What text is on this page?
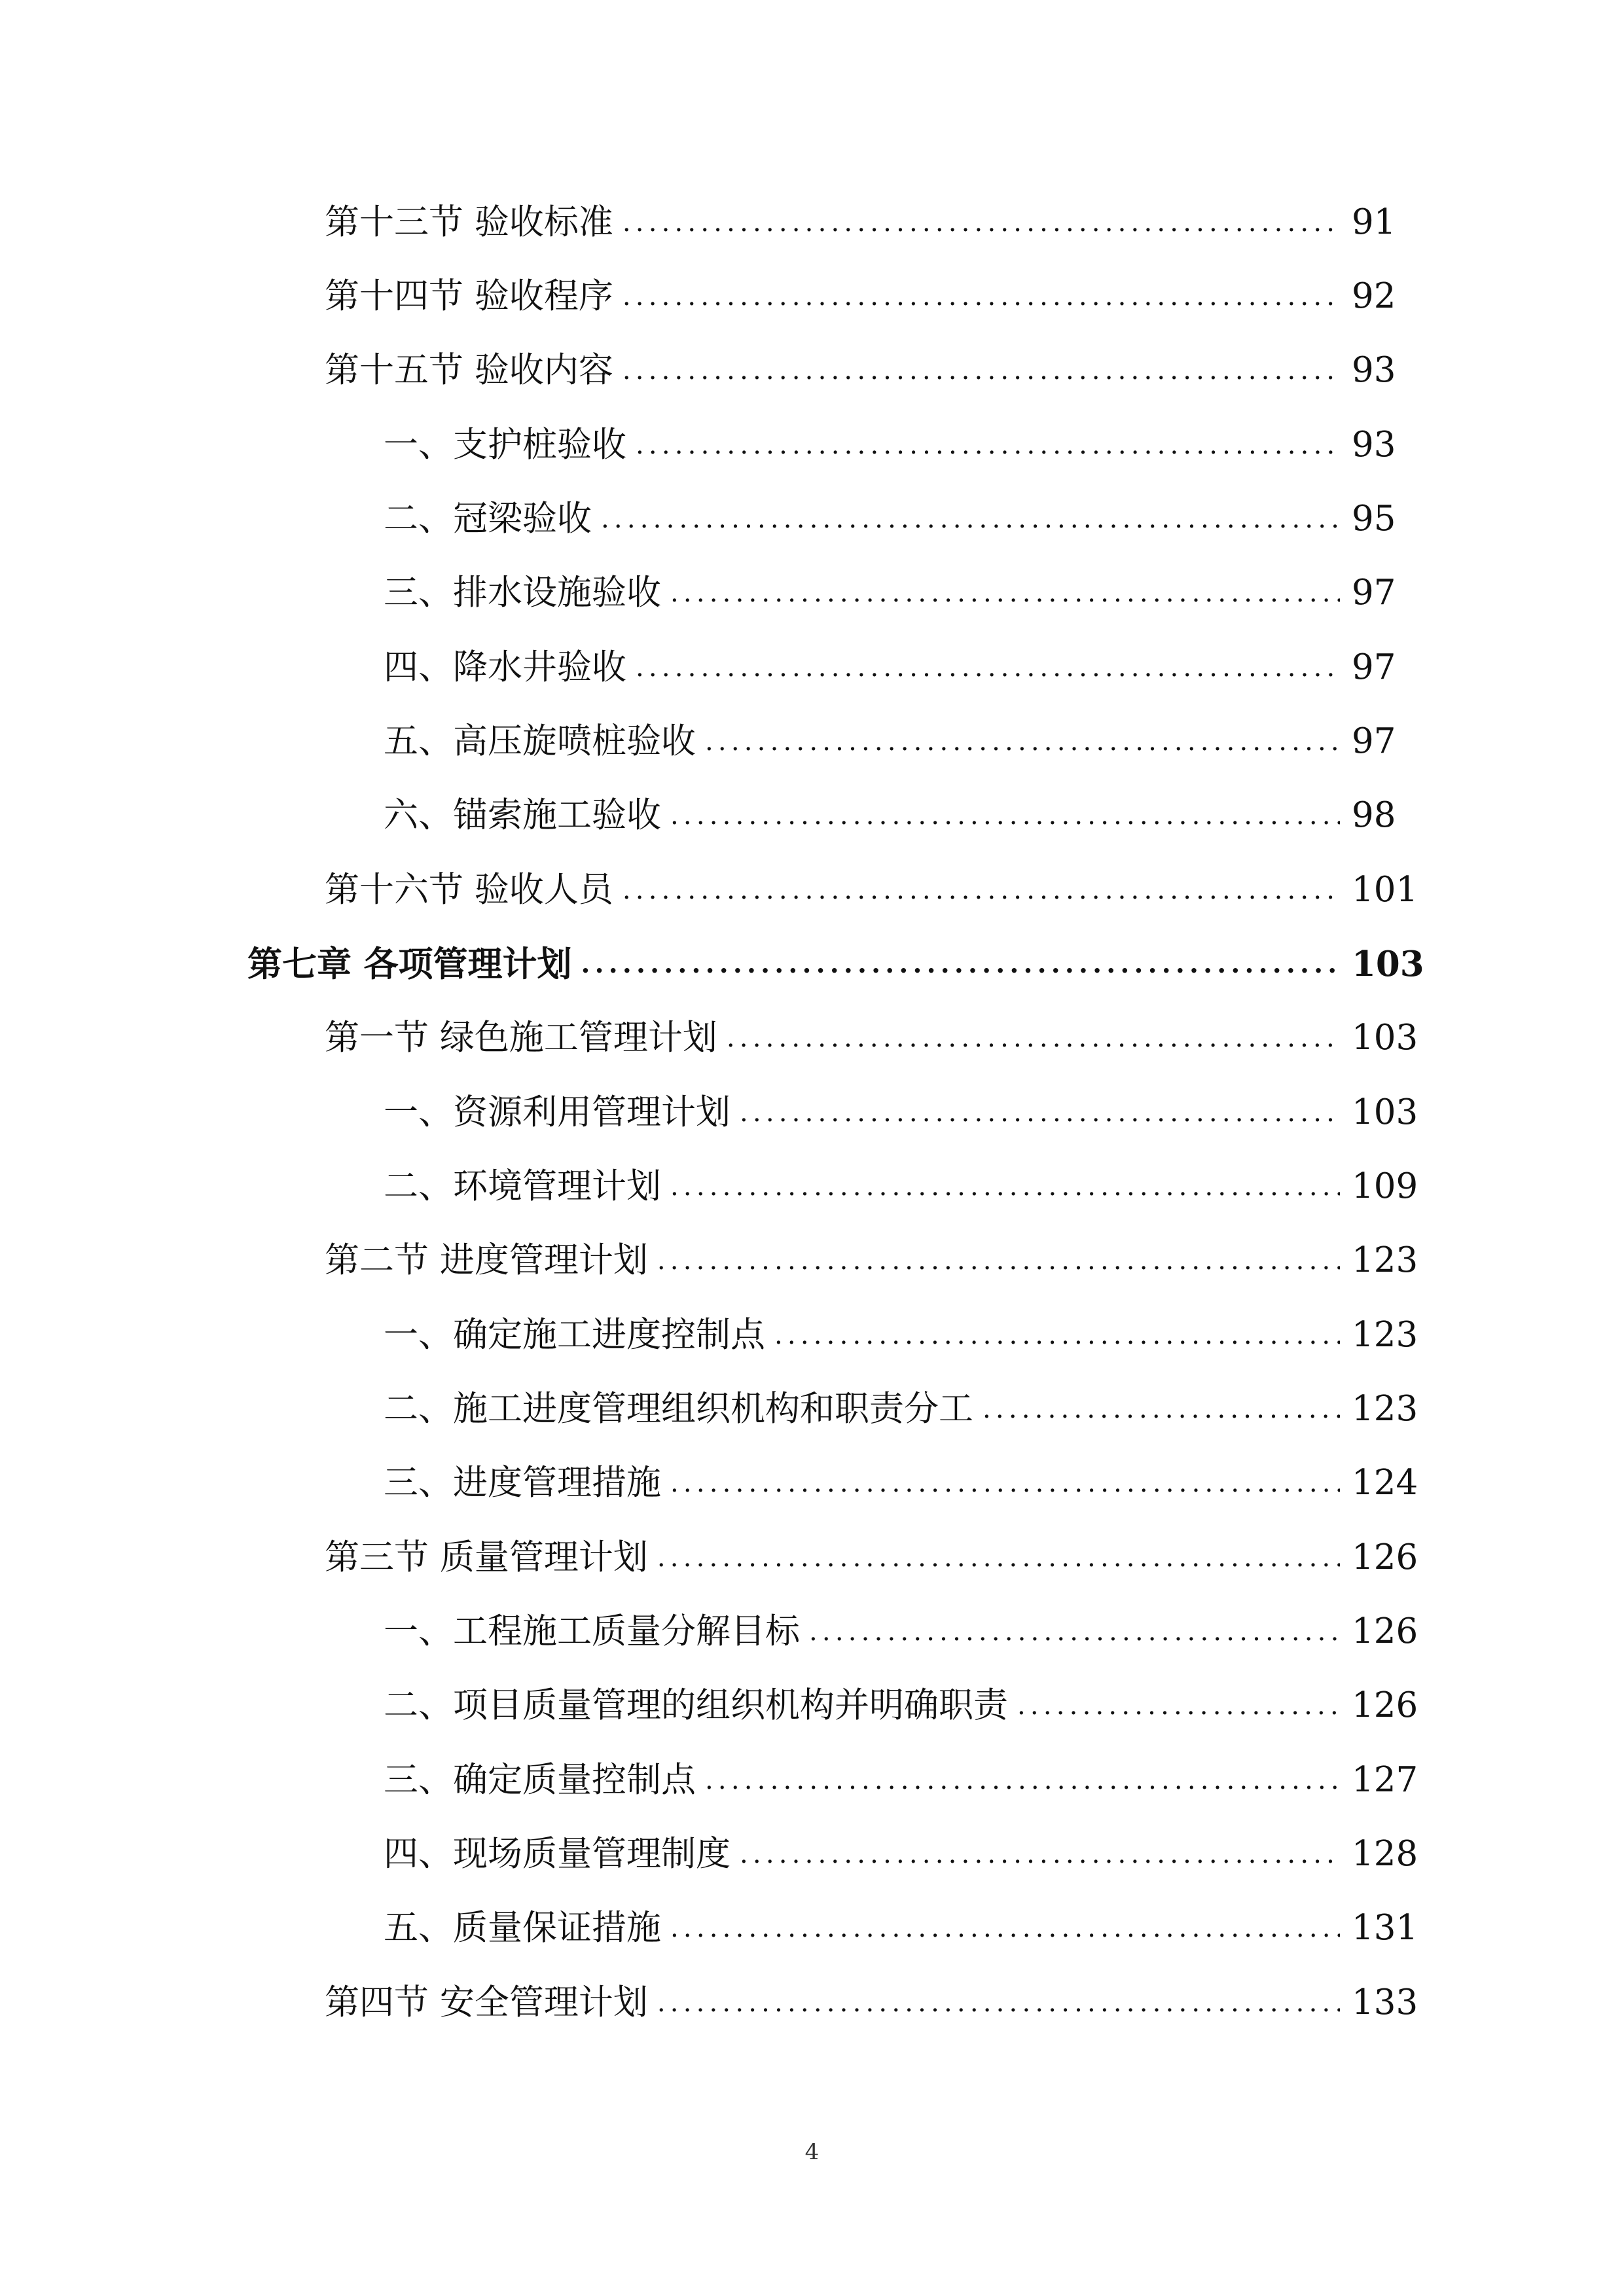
第十三节 验收标准 .....	91
第十四节 验收程序 .....	92
第十五节 验收内容 .....	93
一、支护桩验收 .....	93
二、冠梁验收 .....	95
三、排水设施验收 .....	97
四、降水井验收 .....	97
五、高压旋喷桩验收 .....	97
六、锚索施工验收 .....	98
第十六节 验收人员 .....	101
第七章 各项管理计划 .....	103
第一节 绿色施工管理计划 .....	103
一、资源利用管理计划 .....	103
二、环境管理计划 .....	109
第二节 进度管理计划 .....	123
一、确定施工进度控制点 .....	123
二、施工进度管理组织机构和职责分工 .....	123
三、进度管理措施 .....	124
第三节 质量管理计划 .....	126
一、工程施工质量分解目标 .....	126
二、项目质量管理的组织机构并明确职责 .....	126
三、确定质量控制点 .....	127
四、现场质量管理制度 .....	128
五、质量保证措施 .....	131
第四节 安全管理计划 .....	133
4
